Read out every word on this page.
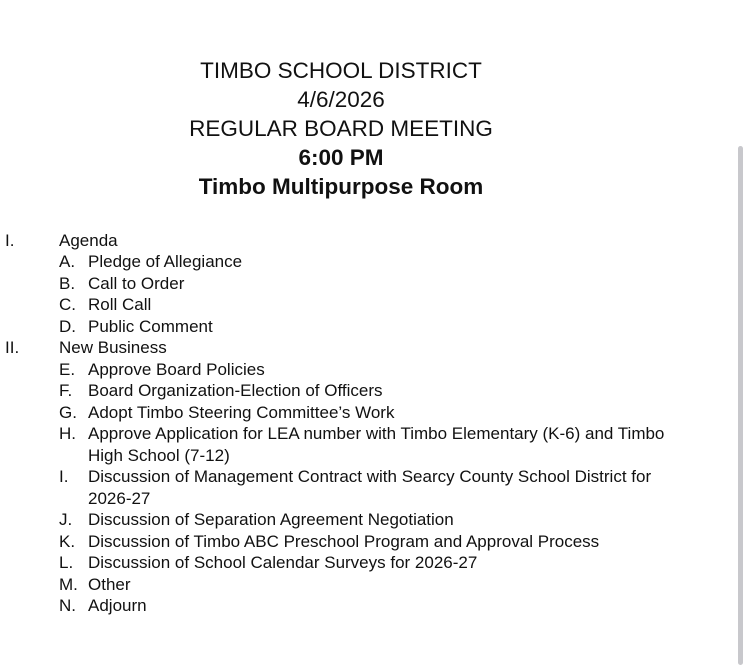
TIMBO SCHOOL DISTRICT
4/6/2026
REGULAR BOARD MEETING
6:00 PM
Timbo Multipurpose Room
I.	Agenda
II. New Business
A. Pledge of Allegiance
B. Call to Order
C. Roll Call
D. Public Comment
E. Approve Board Policies
F. Board Organization-Election of Officers
G. Adopt Timbo Steering Committee’s Work
H. Approve Application for LEA number with Timbo Elementary (K-6) and Timbo High School (7-12)
I. Discussion of Management Contract with Searcy County School District for 2026-27
J. Discussion of Separation Agreement Negotiation
K. Discussion of Timbo ABC Preschool Program and Approval Process
L. Discussion of School Calendar Surveys for 2026-27
M. Other
N. Adjourn
